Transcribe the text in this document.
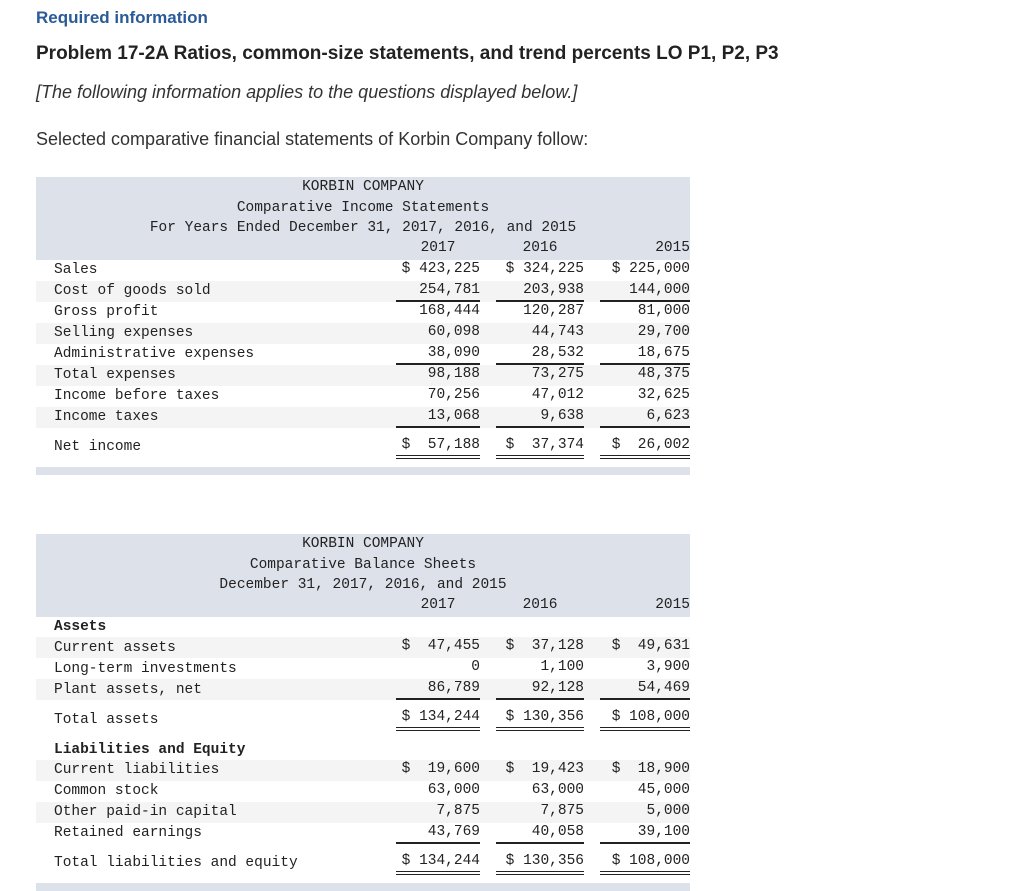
Required information
Problem 17-2A Ratios, common-size statements, and trend percents LO P1, P2, P3
[The following information applies to the questions displayed below.]
Selected comparative financial statements of Korbin Company follow:
KORBIN COMPANY			
Comparative Income Statements			
For Years Ended December 31, 2017, 2016, and 2015			

	2017	2016	2015

Sales	$ 423,225	$ 324,225	$ 225,000

Cost of goods sold	254,781	203,938	144,000

Gross profit	168,444	120,287	81,000

Selling expenses	60,098	44,743	29,700

Administrative expenses	38,090	28,532	18,675

Total expenses	98,188	73,275	48,375

Income before taxes	70,256	47,012	32,625

Income taxes	13,068	9,638	6,623

Net income	$  57,188	$  37,374	$  26,002

KORBIN COMPANY			
Comparative Balance Sheets			
December 31, 2017, 2016, and 2015			

	2017	2016	2015

Assets	

Current assets	$  47,455	$  37,128	$  49,631

Long-term investments	0	1,100	3,900

Plant assets, net	86,789	92,128	54,469

Total assets	$ 134,244	$ 130,356	$ 108,000

Liabilities and Equity	

Current liabilities	$  19,600	$  19,423	$  18,900

Common stock	63,000	63,000	45,000

Other paid-in capital	7,875	7,875	5,000

Retained earnings	43,769	40,058	39,100

Total liabilities and equity	$ 134,244	$ 130,356	$ 108,000
